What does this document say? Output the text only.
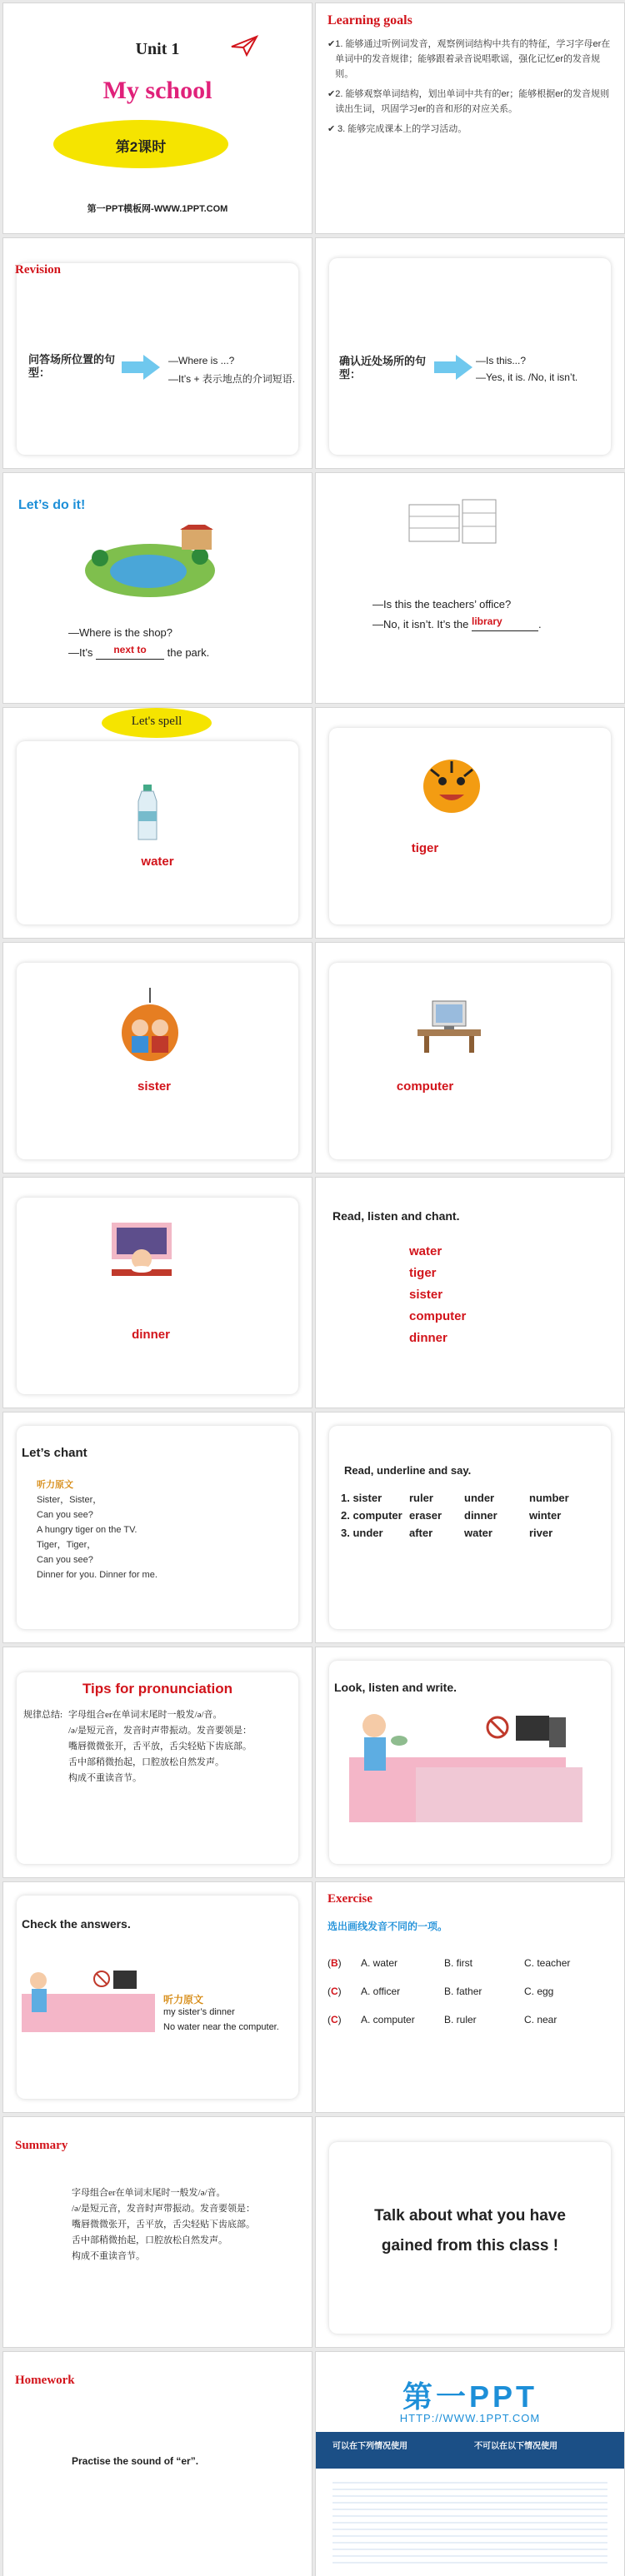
Unit 1
My school
第2课时
第一PPT模板网-WWW.1PPT.COM
Learning goals
✔ 1. 能够通过听例词发音，观察例词结构中共有的特征，学习字母er在单词中的发音规律；能够跟着录音说唱歌谣，强化记忆er的发音规则。
✔ 2. 能够观察单词结构，划出单词中共有的er；能够根据er的发音规则读出生词，巩固学习er的音和形的对应关系。
✔ 3. 能够完成课本上的学习活动。
Revision
问答场所位置的句型：
—Where is ...?
—It’s + 表示地点的介词短语.
确认近处场所的句型：
—Is this...?
—Yes, it is. /No, it isn’t.
Let’s do it!
—Where is the shop?
—It’s next to the park.
—Is this the teachers’ office?
—No, it isn’t. It’s the library	.
Let's spell
water
tiger
sister	computer
dinner
Read, listen and chant.
water
tiger
sister
computer
dinner
Let’s chant
听力原文
Sister，Sister，
Can you see?
A hungry tiger on the TV.
Tiger，Tiger，
Can you see?
Dinner for you. Dinner for me.
Read, underline and say.
1. sister	ruler	under	number
2. computer	eraser	dinner	winter
3. under	after	water	river
Tips for pronunciation
规律总结: 字母组合er在单词末尾时一般发/ə/音。
/ə/是短元音，发音时声带振动。发音要领是：
嘴唇微微张开，舌平放，舌尖轻贴下齿底部。
舌中部稍微抬起，口腔放松自然发声。
构成不重读音节。
Look, listen and write.
Check the answers.
听力原文
my sister’s dinner
No water near the computer.
Exercise
选出画线发音不同的一项。
(B)	A. water	B. first	C. teacher
(C)	A. officer	B. father	C. egg
(C)	A. computer	B. ruler	C. near
Summary
字母组合er在单词末尾时一般发/ə/音。
/ə/是短元音，发音时声带振动。发音要领是：
嘴唇微微张开，舌平放，舌尖轻贴下齿底部。
舌中部稍微抬起，口腔放松自然发声。
构成不重读音节。
Talk about what you have
gained from this class !
Homework
Practise the sound of “er”.
第一PPT
HTTP://WWW.1PPT.COM
可以在下列情况使用	不可以在以下情况使用
